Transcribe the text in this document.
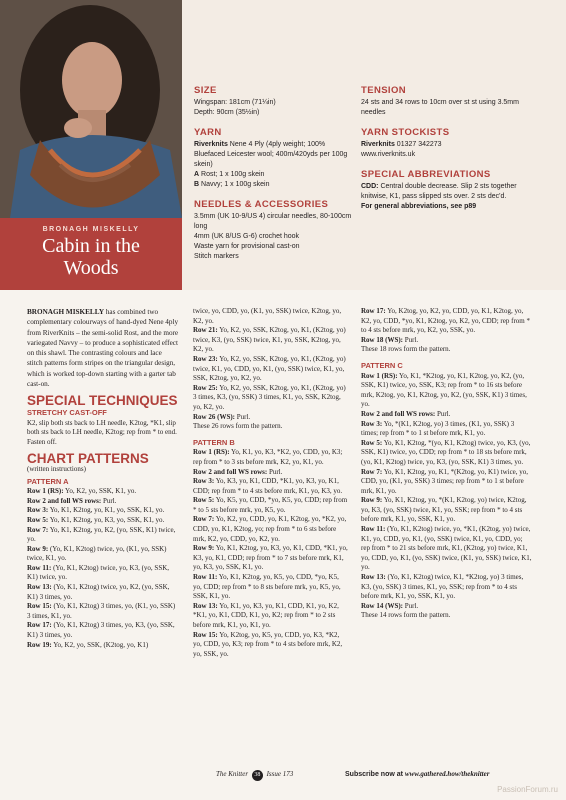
BRONAGH MISKELLY
Cabin in the
Woods
SIZE

Wingspan: 181cm (71¼in)

Depth: 90cm (35½in)

YARN

Riverknits Nene 4 Ply (4ply weight; 100% Bluefaced Leicester wool; 400m/420yds per 100g skein)

A Rost; 1 x 100g skein

B Navvy; 1 x 100g skein

NEEDLES & ACCESSORIES

3.5mm (UK 10-9/US 4) circular needles, 80-100cm long

4mm (UK 8/US G-6) crochet hook

Waste yarn for provisional cast-on

Stitch markers

TENSION

24 sts and 34 rows to 10cm over st st using 3.5mm needles

YARN STOCKISTS

Riverknits 01327 342273

www.riverknits.uk

SPECIAL ABBREVIATIONS

CDD: Central double decrease. Slip 2 sts together knitwise, K1, pass slipped sts over. 2 sts dec'd.

For general abbreviations, see p89

BRONAGH MISKELLY has combined two complementary colourways of hand-dyed Nene 4ply from RiverKnits – the semi-solid Rost, and the more variegated Navvy – to produce a sophisticated effect on this shawl. The contrasting colours and lace stitch patterns form stripes on the triangular design, which is worked top-down starting with a garter tab cast-on.

SPECIAL TECHNIQUES
STRETCHY CAST-OFF

K2, slip both sts back to LH needle, K2tog, *K1, slip both sts back to LH needle, K2tog; rep from * to end. Fasten off.

CHART PATTERNS

(written instructions)

PATTERN A

Row 1 (RS): Yo, K2, yo, SSK, K1, yo.

Row 2 and foll WS rows: Purl.

Row 3: Yo, K1, K2tog, yo, K1, yo, SSK, K1, yo.

Row 5: Yo, K1, K2tog, yo, K3, yo, SSK, K1, yo.

Row 7: Yo, K1, K2tog, yo, K2, (yo, SSK, K1) twice, yo.

Row 9: (Yo, K1, K2tog) twice, yo, (K1, yo, SSK) twice, K1, yo.

Row 11: (Yo, K1, K2tog) twice, yo, K3, (yo, SSK, K1) twice, yo.

Row 13: (Yo, K1, K2tog) twice, yo, K2, (yo, SSK, K1) 3 times, yo.

Row 15: (Yo, K1, K2tog) 3 times, yo, (K1, yo, SSK) 3 times, K1, yo.

Row 17: (Yo, K1, K2tog) 3 times, yo, K3, (yo, SSK, K1) 3 times, yo.

Row 19: Yo, K2, yo, SSK, (K2tog, yo, K1)

twice, yo, CDD, yo, (K1, yo, SSK) twice, K2tog, yo, K2, yo.

Row 21: Yo, K2, yo, SSK, K2tog, yo, K1, (K2tog, yo) twice, K3, (yo, SSK) twice, K1, yo, SSK, K2tog, yo, K2, yo.

Row 23: Yo, K2, yo, SSK, K2tog, yo, K1, (K2tog, yo) twice, K1, yo, CDD, yo, K1, (yo, SSK) twice, K1, yo, SSK, K2tog, yo, K2, yo.

Row 25: Yo, K2, yo, SSK, K2tog, yo, K1, (K2tog, yo) 3 times, K3, (yo, SSK) 3 times, K1, yo, SSK, K2tog, yo, K2, yo.

Row 26 (WS): Purl.

These 26 rows form the pattern.

PATTERN B

Row 1 (RS): Yo, K1, yo, K3, *K2, yo, CDD, yo, K3; rep from * to 3 sts before mrk, K2, yo, K1, yo.

Row 2 and foll WS rows: Purl.

Row 3: Yo, K3, yo, K1, CDD, *K1, yo, K3, yo, K1, CDD; rep from * to 4 sts before mrk, K1, yo, K3, yo.

Row 5: Yo, K5, yo, CDD, *yo, K5, yo, CDD; rep from * to 5 sts before mrk, yo, K5, yo.

Row 7: Yo, K2, yo, CDD, yo, K1, K2tog, yo, *K2, yo, CDD, yo, K1, K2tog, yo; rep from * to 6 sts before mrk, K2, yo, CDD, yo, K2, yo.

Row 9: Yo, K1, K2tog, yo, K3, yo, K1, CDD, *K1, yo, K3, yo, K1, CDD; rep from * to 7 sts before mrk, K1, yo, K3, yo, SSK, K1, yo.

Row 11: Yo, K1, K2tog, yo, K5, yo, CDD, *yo, K5, yo, CDD; rep from * to 8 sts before mrk, yo, K5, yo, SSK, K1, yo.

Row 13: Yo, K1, yo, K3, yo, K1, CDD, K1, yo, K2, *K1, yo, K1, CDD, K1, yo, K2; rep from * to 2 sts before mrk, K1, yo, K1, yo.

Row 15: Yo, K2tog, yo, K5, yo, CDD, yo, K3, *K2, yo, CDD, yo, K3; rep from * to 4 sts before mrk, K2, yo, SSK, yo.

Row 17: Yo, K2tog, yo, K2, yo, CDD, yo, K1, K2tog, yo, K2, yo, CDD, *yo, K1, K2tog, yo, K2, yo, CDD; rep from * to 4 sts before mrk, yo, K2, yo, SSK, yo.

Row 18 (WS): Purl.

These 18 rows form the pattern.

PATTERN C

Row 1 (RS): Yo, K1, *K2tog, yo, K1, K2tog, yo, K2, (yo, SSK, K1) twice, yo, SSK, K3; rep from * to 16 sts before mrk, K2tog, yo, K1, K2tog, yo, K2, (yo, SSK, K1) 3 times, yo.

Row 2 and foll WS rows: Purl.

Row 3: Yo, *(K1, K2tog, yo) 3 times, (K1, yo, SSK) 3 times; rep from * to 1 st before mrk, K1, yo.

Row 5: Yo, K1, K2tog, *(yo, K1, K2tog) twice, yo, K3, (yo, SSK, K1) twice, yo, CDD; rep from * to 18 sts before mrk, (yo, K1, K2tog) twice, yo, K3, (yo, SSK, K1) 3 times, yo.

Row 7: Yo, K1, K2tog, yo, K1, *(K2tog, yo, K1) twice, yo, CDD, yo, (K1, yo, SSK) 3 times; rep from * to 1 st before mrk, K1, yo.

Row 9: Yo, K1, K2tog, yo, *(K1, K2tog, yo) twice, K2tog, yo, K3, (yo, SSK) twice, K1, yo, SSK; rep from * to 4 sts before mrk, K1, yo, SSK, K1, yo.

Row 11: (Yo, K1, K2tog) twice, yo, *K1, (K2tog, yo) twice, K1, yo, CDD, yo, K1, (yo, SSK) twice, K1, yo, CDD, yo; rep from * to 21 sts before mrk, K1, (K2tog, yo) twice, K1, yo, CDD, yo, K1, (yo, SSK) twice, (K1, yo, SSK) twice, K1, yo.

Row 13: (Yo, K1, K2tog) twice, K1, *K2tog, yo) 3 times, K3, (yo, SSK) 3 times, K1, yo, SSK; rep from * to 4 sts before mrk, K1, yo, SSK, K1, yo.

Row 14 (WS): Purl.

These 14 rows form the pattern.

The Knitter 38 Issue 173	Subscribe now at www.gathered.how/theknitter
PassionForum.ru
